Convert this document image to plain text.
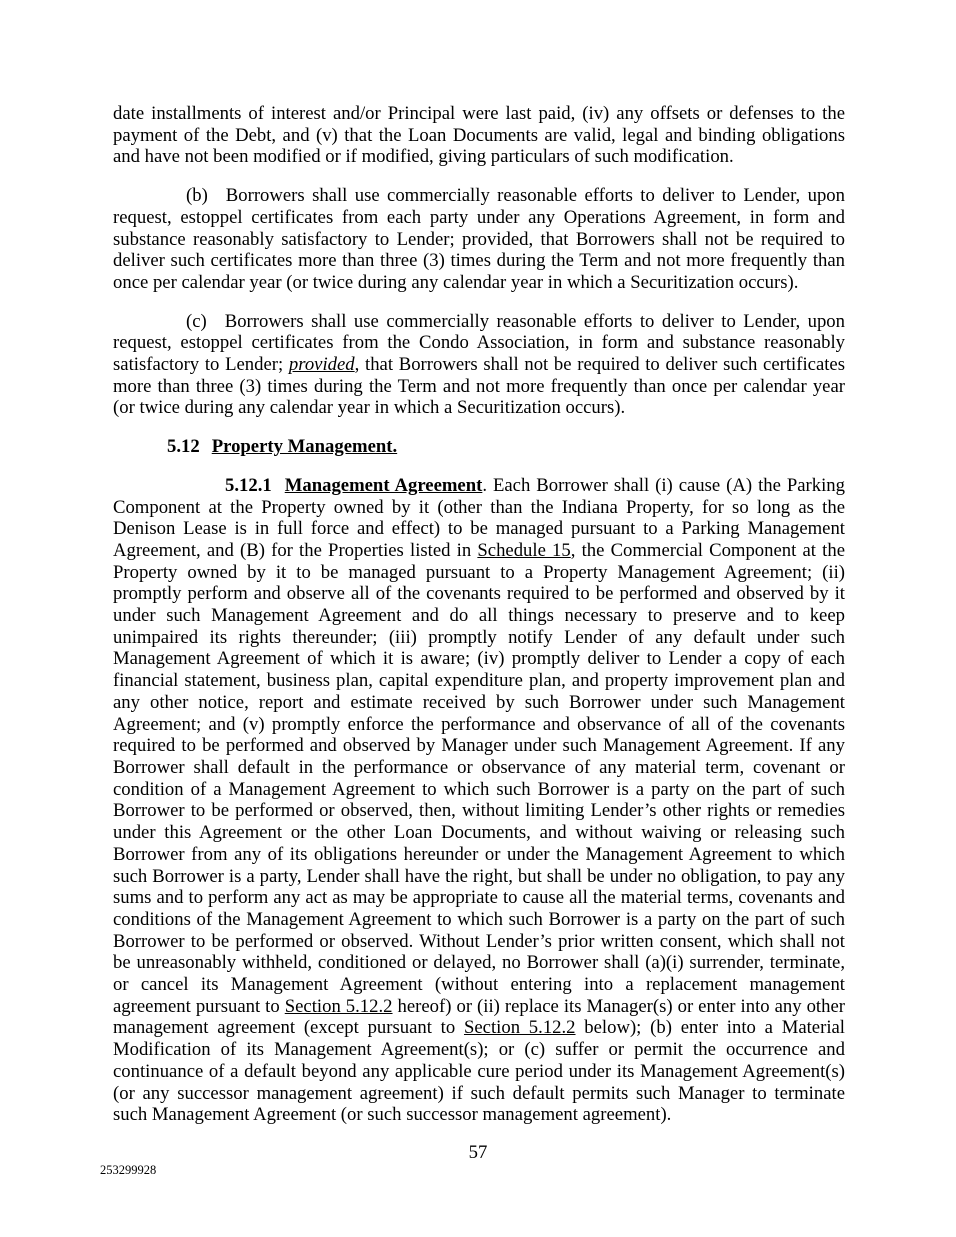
date installments of interest and/or Principal were last paid, (iv) any offsets or defenses to the payment of the Debt, and (v) that the Loan Documents are valid, legal and binding obligations and have not been modified or if modified, giving particulars of such modification.

(b) Borrowers shall use commercially reasonable efforts to deliver to Lender, upon request, estoppel certificates from each party under any Operations Agreement, in form and substance reasonably satisfactory to Lender; provided, that Borrowers shall not be required to deliver such certificates more than three (3) times during the Term and not more frequently than once per calendar year (or twice during any calendar year in which a Securitization occurs).

(c) Borrowers shall use commercially reasonable efforts to deliver to Lender, upon request, estoppel certificates from the Condo Association, in form and substance reasonably satisfactory to Lender; provided, that Borrowers shall not be required to deliver such certificates more than three (3) times during the Term and not more frequently than once per calendar year (or twice during any calendar year in which a Securitization occurs).

5.12 Property Management.

5.12.1 Management Agreement. Each Borrower shall (i) cause (A) the Parking Component at the Property owned by it (other than the Indiana Property, for so long as the Denison Lease is in full force and effect) to be managed pursuant to a Parking Management Agreement, and (B) for the Properties listed in Schedule 15, the Commercial Component at the Property owned by it to be managed pursuant to a Property Management Agreement; (ii) promptly perform and observe all of the covenants required to be performed and observed by it under such Management Agreement and do all things necessary to preserve and to keep unimpaired its rights thereunder; (iii) promptly notify Lender of any default under such Management Agreement of which it is aware; (iv) promptly deliver to Lender a copy of each financial statement, business plan, capital expenditure plan, and property improvement plan and any other notice, report and estimate received by such Borrower under such Management Agreement; and (v) promptly enforce the performance and observance of all of the covenants required to be performed and observed by Manager under such Management Agreement. If any Borrower shall default in the performance or observance of any material term, covenant or condition of a Management Agreement to which such Borrower is a party on the part of such Borrower to be performed or observed, then, without limiting Lender’s other rights or remedies under this Agreement or the other Loan Documents, and without waiving or releasing such Borrower from any of its obligations hereunder or under the Management Agreement to which such Borrower is a party, Lender shall have the right, but shall be under no obligation, to pay any sums and to perform any act as may be appropriate to cause all the material terms, covenants and conditions of the Management Agreement to which such Borrower is a party on the part of such Borrower to be performed or observed. Without Lender’s prior written consent, which shall not be unreasonably withheld, conditioned or delayed, no Borrower shall (a)(i) surrender, terminate, or cancel its Management Agreement (without entering into a replacement management agreement pursuant to Section 5.12.2 hereof) or (ii) replace its Manager(s) or enter into any other management agreement (except pursuant to Section 5.12.2 below); (b) enter into a Material Modification of its Management Agreement(s); or (c) suffer or permit the occurrence and continuance of a default beyond any applicable cure period under its Management Agreement(s) (or any successor management agreement) if such default permits such Manager to terminate such Management Agreement (or such successor management agreement).

57
253299928
